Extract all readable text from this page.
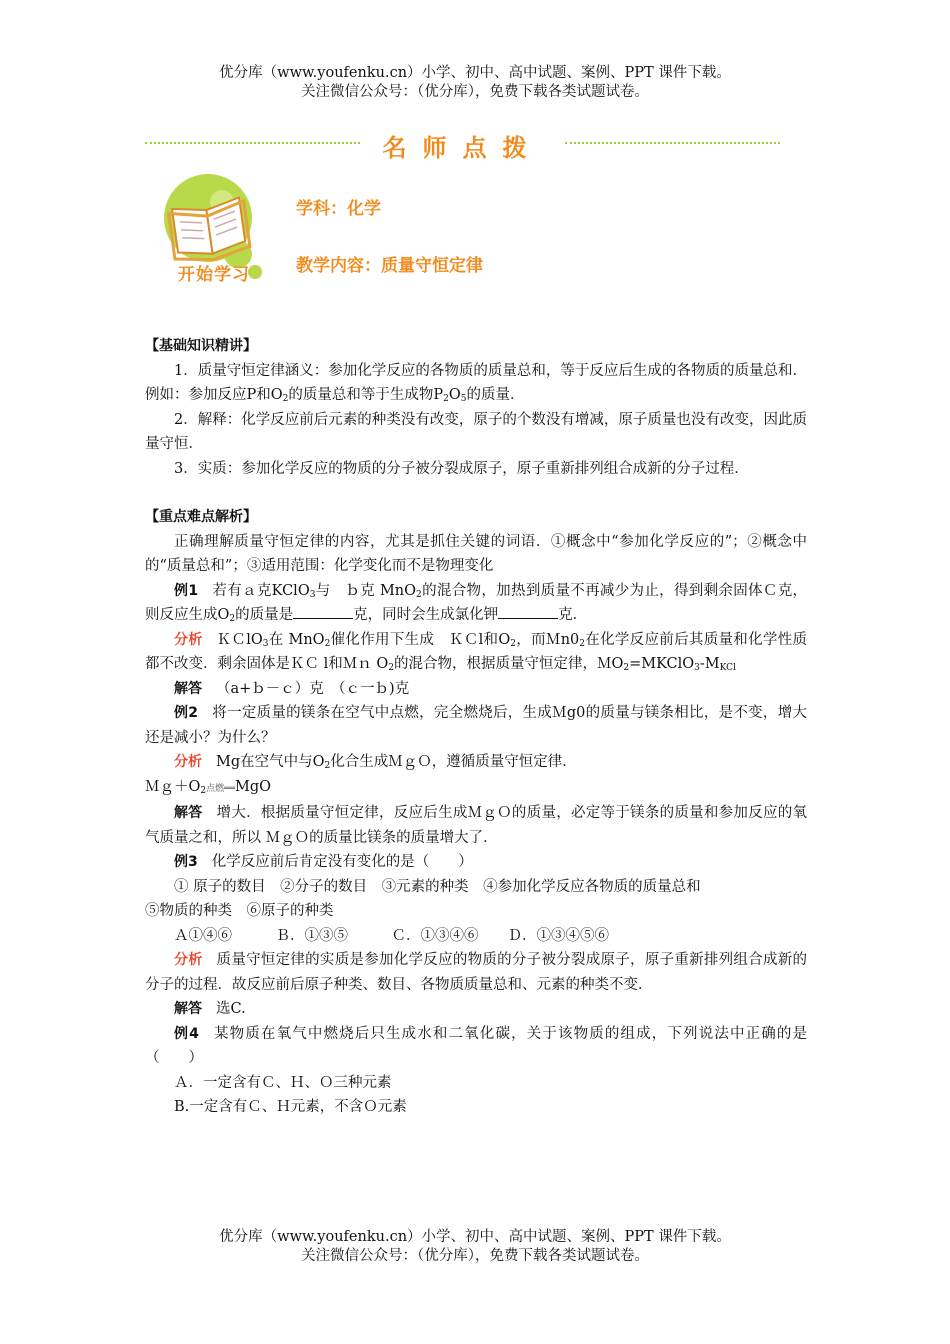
优分库（www.youfenku.cn）小学、初中、高中试题、案例、PPT 课件下载。
关注微信公众号：（优分库），免费下载各类试题试卷。
名师点拨
开始学习
学科：化学
教学内容：质量守恒定律

【基础知识精讲】

1．质量守恒定律涵义：参加化学反应的各物质的质量总和，等于反应后生成的各物质的质量总和．例如：参加反应P和$O_2$的质量总和等于生成物$P_2O_5$的质量．

2．解释：化学反应前后元素的种类没有改变，原子的个数没有增减，原子质量也没有改变，因此质量守恒．

3．实质：参加化学反应的物质的分子被分裂成原子，原子重新排列组合成新的分子过程．

【重点难点解析】

正确理解质量守恒定律的内容，尤其是抓住关键的词语．①概念中“参加化学反应的”；②概念中的“质量总和”；③适用范围：化学变化而不是物理变化

例1 若有ａ克KClO$_3$与　ｂ克 MnO$_2$的混合物，加热到质量不再减少为止，得到剩余固体Ｃ克，则反应生成$O_2$的质量是	克，同时会生成氯化钾	克．

分析 ＫＣlO$_3$在 MnO$_2$催化作用下生成　ＫＣl和$O_2$，而$Mn0_2$在化学反应前后其质量和化学性质都不改变．剩余固体是ＫＣ l和Ｍｎ $O_2$的混合物，根据质量守恒定律，$MO_2=MKClO_3-M_{KCl}$

解答 （a+ｂ－ｃ）克　（ｃ一ｂ)克

例2 将一定质量的镁条在空气中点燃，完全燃烧后，生成Ｍg0的质量与镁条相比，是不变，增大还是减小？为什么？

分析 Mg在空气中与$O_2$化合生成ＭｇＯ，遵循质量守恒定律．

$Mg+O_2$点燃══MgO

解答 增大．根据质量守恒定律，反应后生成ＭｇＯ的质量，必定等于镁条的质量和参加反应的氧气质量之和，所以 ＭｇＯ的质量比镁条的质量增大了．

例3 化学反应前后肯定没有变化的是（　　）

① 原子的数目　②分子的数目　③元素的种类　④参加化学反应各物质的质量总和

⑤物质的种类　⑥原子的种类

Ａ①④⑥　　　Ｂ．①③⑤　　　Ｃ．①③④⑥　　Ｄ．①③④⑤⑥

分析 质量守恒定律的实质是参加化学反应的物质的分子被分裂成原子，原子重新排列组合成新的分子的过程．故反应前后原子种类、数目、各物质质量总和、元素的种类不变．

解答 选C.

例4 某物质在氧气中燃烧后只生成水和二氧化碳，关于该物质的组成，下列说法中正确的是（　　）

Ａ．一定含有Ｃ、Ｈ、Ｏ三种元素

B.一定含有Ｃ、Ｈ元素，不含Ｏ元素

优分库（www.youfenku.cn）小学、初中、高中试题、案例、PPT 课件下载。
关注微信公众号：（优分库），免费下载各类试题试卷。
